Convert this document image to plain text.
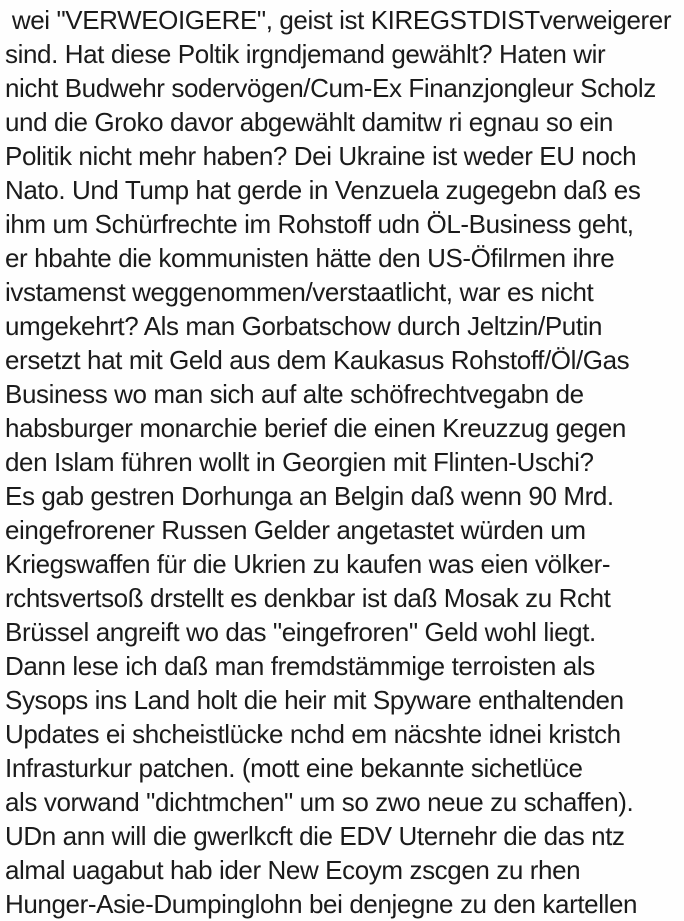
wei "VERWEOIGERE", geist ist KIREGSTDISTverweigerer
sind. Hat diese Poltik irgndjemand gewählt? Haten wir
nicht Budwehr sodervögen/Cum-Ex Finanzjongleur Scholz
und die Groko davor abgewählt damitw ri egnau so ein
Politik nicht mehr haben? Dei Ukraine ist weder EU noch
Nato. Und Tump hat gerde in Venzuela zugegebn daß es
ihm um Schürfrechte im Rohstoff udn ÖL-Business geht,
er hbahte die kommunisten hätte den US-Öfilrmen ihre
ivstamenst weggenommen/verstaatlicht, war es nicht
umgekehrt? Als man Gorbatschow durch Jeltzin/Putin
ersetzt hat mit Geld aus dem Kaukasus Rohstoff/Öl/Gas
Business wo man sich auf alte schöfrechtvegabn de
habsburger monarchie berief die einen Kreuzzug gegen
den Islam führen wollt in Georgien mit Flinten-Uschi?
Es gab gestren Dorhunga an Belgin daß wenn 90 Mrd.
eingefrorener Russen Gelder angetastet würden um
Kriegswaffen für die Ukrien zu kaufen was eien völker-
rchtsvertsoß drstellt es denkbar ist daß Mosak zu Rcht
Brüssel angreift wo das "eingefroren" Geld wohl liegt.
Dann lese ich daß man fremdstämmige terroisten als
Sysops ins Land holt die heir mit Spyware enthaltenden
Updates ei shcheistlücke nchd em näcshte idnei kristch
Infrasturkur patchen. (mott eine bekannte sichetlüce
als vorwand "dichtmchen" um so zwo neue zu schaffen).
UDn ann will die gwerlkcft die EDV Uternehr die das ntz
almal uagabut hab ider New Ecoym zscgen zu rhen
Hunger-Asie-Dumpinglohn bei denjegne zu den kartellen
